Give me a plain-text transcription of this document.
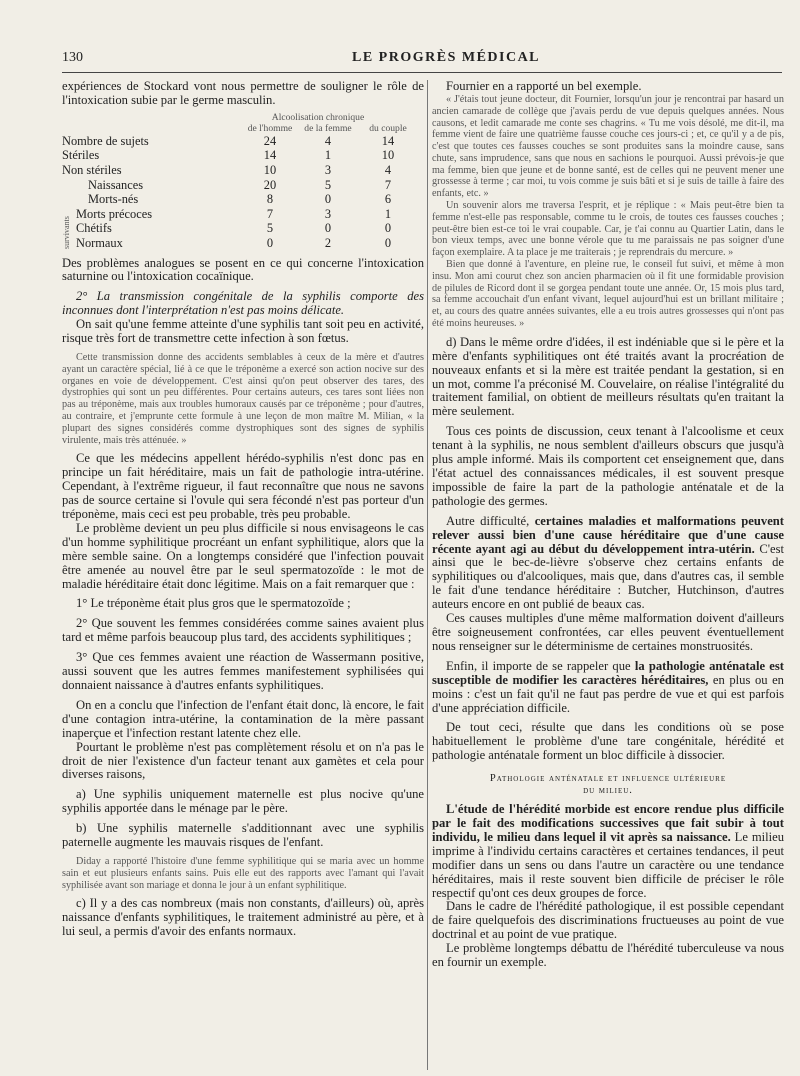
130	LE PROGRÈS MÉDICAL

expériences de Stockard vont nous permettre de souligner le rôle de l'intoxication subie par le germe masculin.

Alcoolisation chronique
de l'homme	de la femme	du couple
Nombre de sujets	24	4	14
Stériles	14	1	10
Non stériles	10	3	4
Naissances	20	5	7
Morts-nés	8	0	6
survivants
Morts précoces	7	3	1
Chétifs	5	0	0
Normaux	0	2	0

Des problèmes analogues se posent en ce qui concerne l'intoxication saturnine ou l'intoxication cocaïnique.

2° La transmission congénitale de la syphilis comporte des inconnues dont l'interprétation n'est pas moins délicate.

On sait qu'une femme atteinte d'une syphilis tant soit peu en activité, risque très fort de transmettre cette infection à son fœtus.

Cette transmission donne des accidents semblables à ceux de la mère et d'autres ayant un caractère spécial, lié à ce que le tréponème a exercé son action nocive sur des organes en voie de développement. C'est ainsi qu'on peut observer des tares, des dystrophies qui sont un peu différentes. Pour certains auteurs, ces tares sont liées non pas au tréponème, mais aux troubles humoraux causés par ce tréponème ; pour d'autres, au contraire, et j'emprunte cette formule à une leçon de mon maître M. Milian, « la plupart des signes considérés comme dystrophiques sont des signes de syphilis virulente, mais très atténuée. »

Ce que les médecins appellent hérédo-syphilis n'est donc pas en principe un fait héréditaire, mais un fait de pathologie intra-utérine. Cependant, à l'extrême rigueur, il faut reconnaître que nous ne savons pas de source certaine si l'ovule qui sera fécondé n'est pas porteur d'un tréponème, mais ceci est peu probable, très peu probable.

Le problème devient un peu plus difficile si nous envisageons le cas d'un homme syphilitique procréant un enfant syphilitique, alors que la mère semble saine. On a longtemps considéré que l'infection pouvait être amenée au nouvel être par le seul spermatozoïde : le mot de maladie héréditaire était donc légitime. Mais on a fait remarquer que :

1° Le tréponème était plus gros que le spermatozoïde ;

2° Que souvent les femmes considérées comme saines avaient plus tard et même parfois beaucoup plus tard, des accidents syphilitiques ;

3° Que ces femmes avaient une réaction de Wassermann positive, aussi souvent que les autres femmes manifestement syphilisées qui donnaient naissance à d'autres enfants syphilitiques.

On en a conclu que l'infection de l'enfant était donc, là encore, le fait d'une contagion intra-utérine, la contamination de la mère passant inaperçue et l'infection restant latente chez elle.

Pourtant le problème n'est pas complètement résolu et on n'a pas le droit de nier l'existence d'un facteur tenant aux gamètes et cela pour diverses raisons,

a) Une syphilis uniquement maternelle est plus nocive qu'une syphilis apportée dans le ménage par le père.

b) Une syphilis maternelle s'additionnant avec une syphilis paternelle augmente les mauvais risques de l'enfant.

Diday a rapporté l'histoire d'une femme syphilitique qui se maria avec un homme sain et eut plusieurs enfants sains. Puis elle eut des rapports avec l'amant qui l'avait syphilisée avant son mariage et donna le jour à un enfant syphilitique.

c) Il y a des cas nombreux (mais non constants, d'ailleurs) où, après naissance d'enfants syphilitiques, le traitement administré au père, et à lui seul, a permis d'avoir des enfants normaux.

Fournier en a rapporté un bel exemple.

« J'étais tout jeune docteur, dit Fournier, lorsqu'un jour je rencontrai par hasard un ancien camarade de collège que j'avais perdu de vue depuis quelques années. Nous causons, et ledit camarade me conte ses chagrins. « Tu me vois désolé, me dit-il, ma femme vient de faire une quatrième fausse couche ces jours-ci ; et, ce qu'il y a de pis, c'est que toutes ces fausses couches se sont produites sans la moindre cause, sans chute, sans imprudence, sans que nous en sachions le pourquoi. Aussi prévois-je que ma femme, bien que jeune et de bonne santé, est de celles qui ne peuvent mener une grossesse à terme ; car moi, tu vois comme je suis bâti et si je suis de taille à faire des enfants, etc. »

Un souvenir alors me traversa l'esprit, et je réplique : « Mais peut-être bien ta femme n'est-elle pas responsable, comme tu le crois, de toutes ces fausses couches ; peut-être bien est-ce toi le vrai coupable. Car, je t'ai connu au Quartier Latin, dans le bon vieux temps, avec une bonne vérole que tu me paraissais ne pas soigner d'une façon exemplaire. A ta place je me traiterais ; je reprendrais du mercure. »

Bien que donné à l'aventure, en pleine rue, le conseil fut suivi, et même à mon insu. Mon ami courut chez son ancien pharmacien où il fit une formidable provision de pilules de Ricord dont il se gorgea pendant toute une année. Or, 15 mois plus tard, sa femme accouchait d'un enfant vivant, lequel aujourd'hui est un brillant militaire ; et, au cours des quatre années suivantes, elle a eu trois autres grossesses qui n'ont pas été moins heureuses. »

d) Dans le même ordre d'idées, il est indéniable que si le père et la mère d'enfants syphilitiques ont été traités avant la procréation de nouveaux enfants et si la mère est traitée pendant la gestation, si en un mot, comme l'a préconisé M. Couvelaire, on réalise l'intégralité du traitement familial, on obtient de meilleurs résultats qu'en traitant la mère seulement.

Tous ces points de discussion, ceux tenant à l'alcoolisme et ceux tenant à la syphilis, ne nous semblent d'ailleurs obscurs que jusqu'à plus ample informé. Mais ils comportent cet enseignement que, dans l'état actuel des connaissances médicales, il est souvent presque impossible de faire la part de la pathologie anténatale et de la pathologie des germes.

Autre difficulté, certaines maladies et malformations peuvent relever aussi bien d'une cause héréditaire que d'une cause récente ayant agi au début du développement intra-utérin. C'est ainsi que le bec-de-lièvre s'observe chez certains enfants de syphilitiques ou d'alcooliques, mais que, dans d'autres cas, il semble le fait d'une tendance héréditaire : Butcher, Hutchinson, d'autres auteurs encore en ont publié de beaux cas.

Ces causes multiples d'une même malformation doivent d'ailleurs être soigneusement confrontées, car elles peuvent éventuellement nous renseigner sur le déterminisme de certaines monstruosités.

Enfin, il importe de se rappeler que la pathologie anténatale est susceptible de modifier les caractères héréditaires, en plus ou en moins : c'est un fait qu'il ne faut pas perdre de vue et qui est parfois d'une appréciation difficile.

De tout ceci, résulte que dans les conditions où se pose habituellement le problème d'une tare congénitale, hérédité et pathologie anténatale forment un bloc difficile à dissocier.

Pathologie anténatale et influence ultérieure
du milieu.

L'étude de l'hérédité morbide est encore rendue plus difficile par le fait des modifications successives que fait subir à tout individu, le milieu dans lequel il vit après sa naissance. Le milieu imprime à l'individu certains caractères et certaines tendances, il peut modifier dans un sens ou dans l'autre un caractère ou une tendance héréditaires, mais il reste souvent bien difficile de préciser le rôle respectif qu'ont ces deux groupes de force.

Dans le cadre de l'hérédité pathologique, il est possible cependant de faire quelquefois des discriminations fructueuses au point de vue doctrinal et au point de vue pratique.

Le problème longtemps débattu de l'hérédité tuberculeuse va nous en fournir un exemple.
